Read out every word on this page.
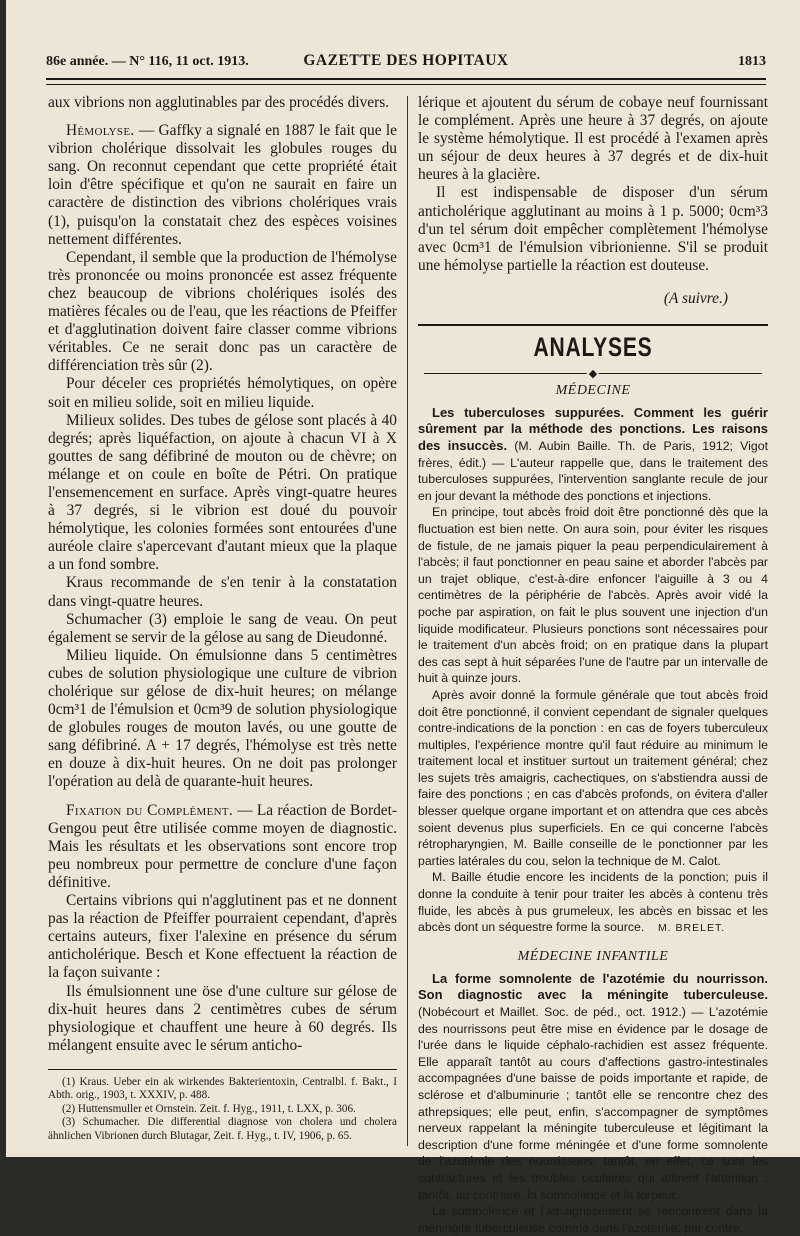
86e année. — N° 116, 11 oct. 1913.	GAZETTE DES HOPITAUX	1813

aux vibrions non agglutinables par des procédés divers.

Hémolyse. — Gaffky a signalé en 1887 le fait que le vibrion cholérique dissolvait les globules rouges du sang. On reconnut cependant que cette propriété était loin d'être spécifique et qu'on ne saurait en faire un caractère de distinction des vibrions cholériques vrais (1), puisqu'on la constatait chez des espèces voisines nettement différentes.

Cependant, il semble que la production de l'hémolyse très prononcée ou moins prononcée est assez fréquente chez beaucoup de vibrions cholériques isolés des matières fécales ou de l'eau, que les réactions de Pfeiffer et d'agglutination doivent faire classer comme vibrions véritables. Ce ne serait donc pas un caractère de différenciation très sûr (2).

Pour déceler ces propriétés hémolytiques, on opère soit en milieu solide, soit en milieu liquide.

Milieux solides. Des tubes de gélose sont placés à 40 degrés; après liquéfaction, on ajoute à chacun VI à X gouttes de sang défibriné de mouton ou de chèvre; on mélange et on coule en boîte de Pétri. On pratique l'ensemencement en surface. Après vingt-quatre heures à 37 degrés, si le vibrion est doué du pouvoir hémolytique, les colonies formées sont entourées d'une auréole claire s'apercevant d'autant mieux que la plaque a un fond sombre.

Kraus recommande de s'en tenir à la constatation dans vingt-quatre heures.

Schumacher (3) emploie le sang de veau. On peut également se servir de la gélose au sang de Dieudonné.

Milieu liquide. On émulsionne dans 5 centimètres cubes de solution physiologique une culture de vibrion cholérique sur gélose de dix-huit heures; on mélange 0cm³1 de l'émulsion et 0cm³9 de solution physiologique de globules rouges de mouton lavés, ou une goutte de sang défibriné. A + 17 degrés, l'hémolyse est très nette en douze à dix-huit heures. On ne doit pas prolonger l'opération au delà de quarante-huit heures.

Fixation du Complément. — La réaction de Bordet-Gengou peut être utilisée comme moyen de diagnostic. Mais les résultats et les observations sont encore trop peu nombreux pour permettre de conclure d'une façon définitive.

Certains vibrions qui n'agglutinent pas et ne donnent pas la réaction de Pfeiffer pourraient cependant, d'après certains auteurs, fixer l'alexine en présence du sérum anticholérique. Besch et Kone effectuent la réaction de la façon suivante :

Ils émulsionnent une öse d'une culture sur gélose de dix-huit heures dans 2 centimètres cubes de sérum physiologique et chauffent une heure à 60 degrés. Ils mélangent ensuite avec le sérum anticho-

(1) Kraus. Ueber ein ak wirkendes Bakterientoxin, Centralbl. f. Bakt., I Abth. orig., 1903, t. XXXIV, p. 488.

(2) Huttensmuller et Ornstein. Zeit. f. Hyg., 1911, t. LXX, p. 306.

(3) Schumacher. Die differential diagnose von cholera und cholera ähnlichen Vibrionen durch Blutagar, Zeit. f. Hyg., t. IV, 1906, p. 65.

lérique et ajoutent du sérum de cobaye neuf fournissant le complément. Après une heure à 37 degrés, on ajoute le système hémolytique. Il est procédé à l'examen après un séjour de deux heures à 37 degrés et de dix-huit heures à la glacière.

Il est indispensable de disposer d'un sérum anticholérique agglutinant au moins à 1 p. 5000; 0cm³3 d'un tel sérum doit empêcher complètement l'hémolyse avec 0cm³1 de l'émulsion vibrionienne. S'il se produit une hémolyse partielle la réaction est douteuse.

(A suivre.)

ANALYSES
◆
MÉDECINE

Les tuberculoses suppurées. Comment les guérir sûrement par la méthode des ponctions. Les raisons des insuccès. (M. Aubin Baille. Th. de Paris, 1912; Vigot frères, édit.) — L'auteur rappelle que, dans le traitement des tuberculoses suppurées, l'intervention sanglante recule de jour en jour devant la méthode des ponctions et injections.

En principe, tout abcès froid doit être ponctionné dès que la fluctuation est bien nette. On aura soin, pour éviter les risques de fistule, de ne jamais piquer la peau perpendiculairement à l'abcès; il faut ponctionner en peau saine et aborder l'abcès par un trajet oblique, c'est-à-dire enfoncer l'aiguille à 3 ou 4 centimètres de la périphérie de l'abcès. Après avoir vidé la poche par aspiration, on fait le plus souvent une injection d'un liquide modificateur. Plusieurs ponctions sont nécessaires pour le traitement d'un abcès froid; on en pratique dans la plupart des cas sept à huit séparées l'une de l'autre par un intervalle de huit à quinze jours.

Après avoir donné la formule générale que tout abcès froid doit être ponctionné, il convient cependant de signaler quelques contre-indications de la ponction : en cas de foyers tuberculeux multiples, l'expérience montre qu'il faut réduire au minimum le traitement local et instituer surtout un traitement général; chez les sujets très amaigris, cachectiques, on s'abstiendra aussi de faire des ponctions ; en cas d'abcès profonds, on évitera d'aller blesser quelque organe important et on attendra que ces abcès soient devenus plus superficiels. En ce qui concerne l'abcès rétropharyngien, M. Baille conseille de le ponctionner par les parties latérales du cou, selon la technique de M. Calot.

M. Baille étudie encore les incidents de la ponction; puis il donne la conduite à tenir pour traiter les abcès à contenu très fluide, les abcès à pus grumeleux, les abcès en bissac et les abcès dont un séquestre forme la source. M. BRELET.

MÉDECINE INFANTILE

La forme somnolente de l'azotémie du nourrisson. Son diagnostic avec la méningite tuberculeuse. (Nobécourt et Maillet. Soc. de péd., oct. 1912.) — L'azotémie des nourrissons peut être mise en évidence par le dosage de l'urée dans le liquide céphalo-rachidien est assez fréquente. Elle apparaît tantôt au cours d'affections gastro-intestinales accompagnées d'une baisse de poids importante et rapide, de sclérose et d'albuminurie ; tantôt elle se rencontre chez des athrepsiques; elle peut, enfin, s'accompagner de symptômes nerveux rappelant la méningite tuberculeuse et légitimant la description d'une forme méningée et d'une forme somnolente de l'azotémie des nourrissons; tantôt, en effet, ce sont les contractures et les troubles oculaires qui attirent l'attention ; tantôt, au contraire, la somnolence et la torpeur.

La somnolence et l'amaigrissement se rencontrent dans la méningite tuberculeuse comme dans l'azotémie; par contre,
